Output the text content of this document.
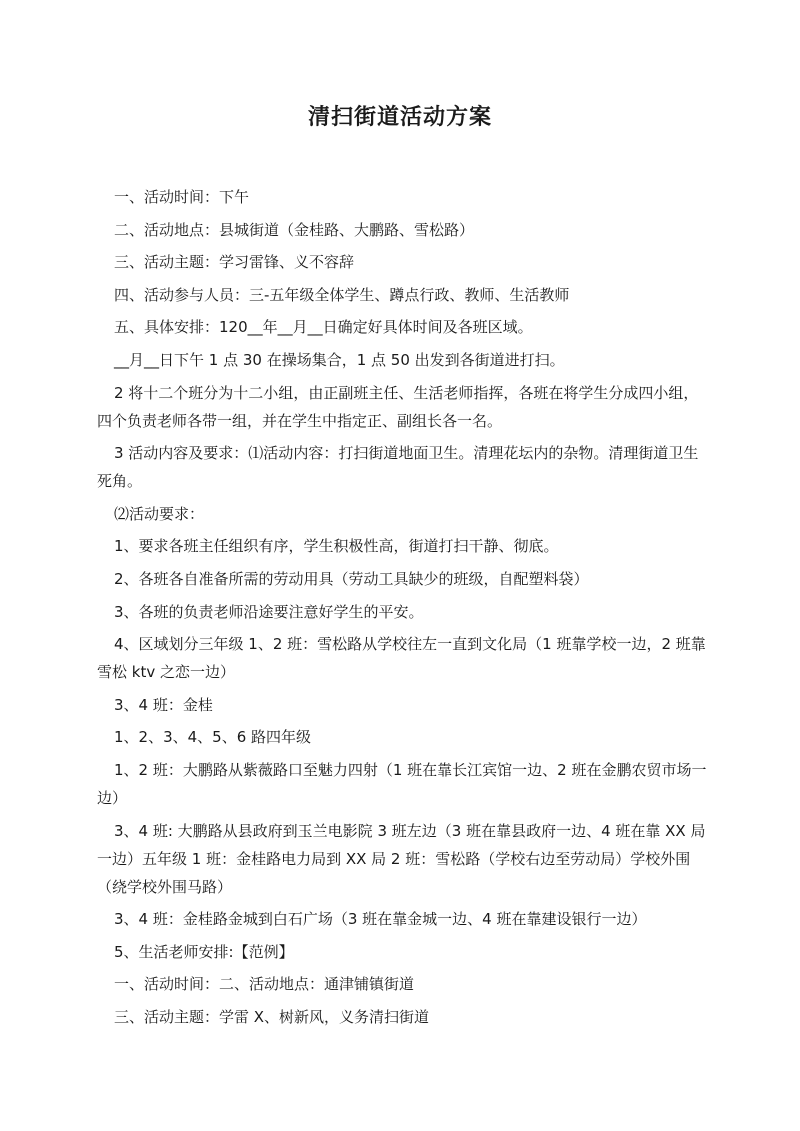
清扫街道活动方案

一、活动时间：下午

二、活动地点：县城街道（金桂路、大鹏路、雪松路）

三、活动主题：学习雷锋、义不容辞

四、活动参与人员：三-五年级全体学生、蹲点行政、教师、生活教师

五、具体安排：120__年__月__日确定好具体时间及各班区域。

__月__日下午 1 点 30 在操场集合，1 点 50 出发到各街道进打扫。

2 将十二个班分为十二小组，由正副班主任、生活老师指挥，各班在将学生分成四小组，四个负责老师各带一组，并在学生中指定正、副组长各一名。

3 活动内容及要求：⑴活动内容：打扫街道地面卫生。清理花坛内的杂物。清理街道卫生死角。

⑵活动要求：

1、要求各班主任组织有序，学生积极性高，街道打扫干静、彻底。

2、各班各自准备所需的劳动用具（劳动工具缺少的班级，自配塑料袋）

3、各班的负责老师沿途要注意好学生的平安。

4、区域划分三年级 1、2 班：雪松路从学校往左一直到文化局（1 班靠学校一边，2 班靠雪松 ktv 之恋一边）

3、4 班：金桂

1、2、3、4、5、6 路四年级

1、2 班：大鹏路从紫薇路口至魅力四射（1 班在靠长江宾馆一边、2 班在金鹏农贸市场一边）

3、4 班: 大鹏路从县政府到玉兰电影院 3 班左边（3 班在靠县政府一边、4 班在靠 XX 局一边）五年级 1 班：金桂路电力局到 XX 局 2 班：雪松路（学校右边至劳动局）学校外围（绕学校外围马路）

3、4 班：金桂路金城到白石广场（3 班在靠金城一边、4 班在靠建设银行一边）

5、生活老师安排:【范例】

一、活动时间：二、活动地点：通津铺镇街道

三、活动主题：学雷 X、树新风，义务清扫街道
